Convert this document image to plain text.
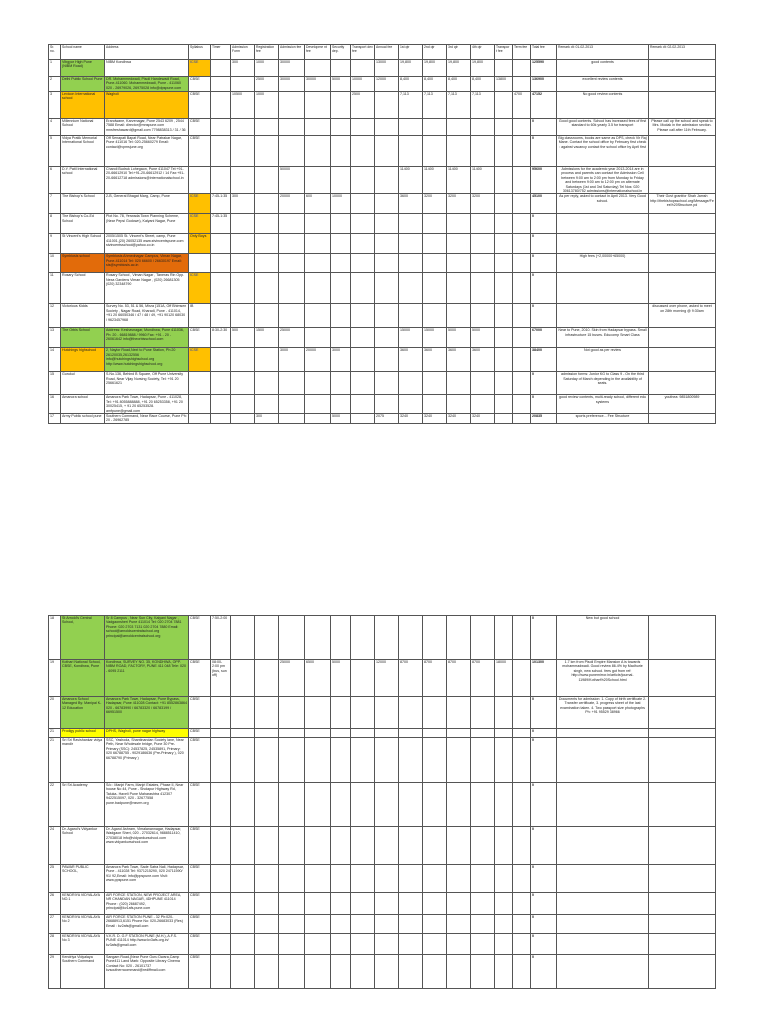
Sr. no.	School name	Address	Syllabus	Timer	Admission Form	Registration fee	Admission fee	Developme nt fee	Security dep.	Transport dev fee	Annual fee	1st qtr	2nd qtr	3rd qtr	4th qtr	Transpor t fee	Term fee	Total fee	Remark dt: 01-02-2013	Remark dt: 02-02-2013
1	Vibgyor High Pune (NIBM Road)	NIBM Kondhwa	ICSE		300	1000	30000				13000	19,800	19,800	19,800	19,800			125590	good contents	
2	Delhi Public School Pune	DR. Mohammedwadi, Pisoli Handewadi Road, Pune-411060. Mohammedwadi, Pune - 411060 020 - 26979026, 26975028 info@dpspune.com	CBSE			2500	30000	30000	5000	10000	12000	8,400	8,400	8,400	8,400	13800		136900	excellent review contents	
3	Lexicon International school	Wagholi	CBSE		10500	1000				2500		7,113	7,113	7,113	7,113		4700	47152	No good review contents	
4	Millennium National School	Erandwane, Karvenagar, Pune 2543 6209 , 2544 7588 Email: director@mnspune.com mnsfreshaward@gmail.com 7798838313 / 31 / 36	CBSE															0	Good good contents. School has increased fees of first standard to 60k yearly 3.5 for transport	Please call up the school and speak to Mrs. Modak in the admission section. Please call after 11th February.
5	Vidya Pratik Memorial International School	Off Senapati Bapat Road, Near Patrakar Nagar, Pune 411016 Tel: 020-25660279 Email: contact@vpmsjune.org	CBSE															0	Big classrooms, books are same as DPS, check Vir Raj Mane. Contact the school office by February first check : against vacancy contact the school office by April first	
6	D.Y. Patil International school	Charoli Budruk Lohegaon, Pune 411047 Tel:+91-20-66612910 Tel:+91-20-66612912 / 14 Fax:+91-20-66612718 admissions@internationalschool.in					50000					11400	11400	11400	11400			95600	Admissions for the academic year 2013-2014 are in process and parents can contact the Admission Cell between 9:00 am to 2:00 pm from Monday to Friday and between 9:00 am to 12:00 pm on alternate Saturdays (1st and 3rd Saturday) Tel Nos: 020 30613780/752 admissions@internationalschool.in	
7	The Bishop's School	2-B, General Bhagat Marg, Camp, Pune	ICSE	7:45-1:35	300		20000	600	10000			3600	3200	3200	3200			45100	As per reply, asked to contact in April 2013. Very Good school.	Their Govt grantfor Shah Jamsh http://thebishopsschool.org/Message/Fees%20Structure.pd
8	The Bishop's Co-Ed School	Plot No. 78, Yerwada Town Planning Scheme, (Near Pepsi Godown), Kalyani Nagar, Pune	ICSE	7:45-1:35														0		
9	St Vincent's High School	2005/1505 St. Vincent's Street, camp, Pune 411001,(20) 26052135 www.stvincentspune.com stvincentsschool@yahoo.co.in	Only Boys															0		
10	Symbiosis school	Symbiosis Ahmednagar Campus, Viman Nagar, Pune-411014 Tel: 020 66600 / 26630197 Email: sis@symbiosis.ac.in																0	High fees (+2,00000+65000)	
11	Rosary School	Rosary School , Viman Nagar , Taneras Rin Opp. Nexa Gardens Viman Nagar , (020) 26681305 (020) 32348790	ICSE															0		
12	Victorious Kidds	Survey No. 53, 51 & 56, Mirza (151A, Off Bhimsen Society , Nagar Road, Kharadi, Pune - 411014, +91 20 66050346 / 47 / 48 / 49, +91 90120 68030 / 9623457968	IB															0		discussed over phone, asked to meet on 28th morning @ 9:30am
13	The Orbis School	Address: Keshavnagar, Mundhwa, Pune 411036, Ph: 20 - 66819888 / 9960 Fax: +91 - 20 - 26061642 info@theorbisschool.com	CBSE	8:30-2:30	500	1500	25000					15000	15000	5000	5000			67000	Near to Pune, 2010. Skin from Hadapsar bypass. Small infrastructure 15 buses. Educomp Smart Class	
14	Hutchings highschool	2, Naylor Road,Next to Pune Station, Ph:20 26120035,26132556 info@hutchingshighschool.org http://www.hutchingshighschool.org	ICSE				3000	20000	3000			3600	3600	3600	3600			38400	Not good as per review	
15	Gurukul	S.No.136, Behind B Square, Off Pune University Road, Near Vijay Nursing Society, Tel: +91 20 25661621																0	admission forms: Junior KG to Class 9 - On the third Saturday of March depending in the availability of seats.	
16	Amanora school	Amanora Park Town, Hadapsar, Pune - 411028, Tel: +91 8055888888, +91 20 65253358, +91 20 30025415, + 91 20 65253528. amfpune@gmail.com																0	good review contents, multi-ready school, different edu systems	youthea: 9851800989
17	Army Public school pune	Southern Command, Near Race Course, Pune Ph: 20 - 26962785				300			5000		2075	3240	3240	3240	3240			20835	sports preference... Fee Structure	
18	St Arnold's Central School,	Sr 8 Campus , Near Sun City, Kalyani Nagar , Vadgaonsheri Pune 411014 Tel: 020 2704 7881 Phone: 020 2703 7131 020 2704 7880 Email: school@arnoldscentralschool.org principal@arnoldcentralschool.org	CBSE	7:50-2:00														0	New but good school	
19	Kothari National School, CBSE, Kondhwa, Pune	Kondhwa, SURVEY NO. 35, KONDHWA, OPP. NIBM ROAD, FACTORY, PUNE 411 048 Tele: 020 - 6095 2111	CBSE	08:00-2:00 pm (bus, sun off)			25000	6500	5000		12000	8700	8700	8700	8700	18000		101300	1.7 km from Pisoli Empire Mansion A is towards mohammadwadi. Good review 86.4% by Madhurie singh, new school. fees got from ref: http://www.punemirror.in/article/journal-11989/Kothari%20School.html	
20	Amanora School Managed By: Manipal K-12 Education	Amanora Park Town, Hadapsar, Pune Bypass, Hadapsar, Pune 411028 Contact: +91 8552863864 020 - 66783990 / 66783320 / 66783199 / 66951500	CBSE															0	Documents for admission: 1. Copy of birth certificate 2. Transfer certificate, 3. progress sheet of the last examination taken. 4. Two passport size photographs Ph: +91 95529 38966	
21	Prodigy public school	DPHS, Wagholi, pune nagar highway	CBSE															0		
21	Sri Sri Ravishankar vidya mandir	SSC, Yashoda, Shantinandan Society lane, Near Peth, Near Wholesale bridge, Pune 30 Pre-Primary (SSC): 24537825, 24535891, Primary: 020 66788755 - 9029186636 (Pre-Primary ), 020 66788790 (Primary )	CBSE															0		
22	Sri Sri Academy	S/o : Manjri Farm, Manjri Estates, Phase II, Near house No 44, Pune - Sholapur Highway Rd, Taluka- Haveli Pune Maharashtra 412307 9422515097, 020 - 32677558 pune.badpune@nsvrm.org	CBSE															0		
24	Dr. Agarol's Vidyankur School	Dr. Agarol Ashram, Vimalanannagar, Hadapsar, Wadgaon Sheri, 020 - 27032614, 9888511410, 27038018 info@vidyankurschool.com www.vidyankurschool.com	CBSE															0		
25	PAWAR PUBLIC SCHOOL,	Amanora Park Town, Sade Satra Nali, Hadapsar, Pune - 411028 Tel: 9371215290, 020 24711590/ 91/ 92,Email: info@ppspune.com Visit: www.ppspune.com	CBSE															0		
26	KENDRIYA VIDYALAYA NO.1	AIR FORCE STATION, NEW PROJECT AREA, NR CHANDAN NAGAR, 4DHPUNE 411014 Phone : (020) 26687492, principal@kv1afs.pune.com	CBSE															0		
27	KENDRIYA VIDYALAYA No 2	AIR FORCE STATION PUNE - 32 Ph:020-26688913,6151 Phone No: 020-26683033 (Res) Email : kv2afs@gmail.com	CBSE															0		
28	KENDRIYA VIDYALAYA No 3	V.K.R. D. G.F STATION PUNE (M.H.), A.F.S. PUNE 411014 http://www.kv3afs.org.in/ kv3afs@gmail.com	CBSE															0		
29	Kendriya Vidyalaya Southern Command	Sangam Road,(Near Pune Guru Dwara,Camp Pune411 Land Mark: Opposite Library Cinema Contact No: 020 - 26101737 kvsoutherncommand@rediffmail.com	CBSE															0		
